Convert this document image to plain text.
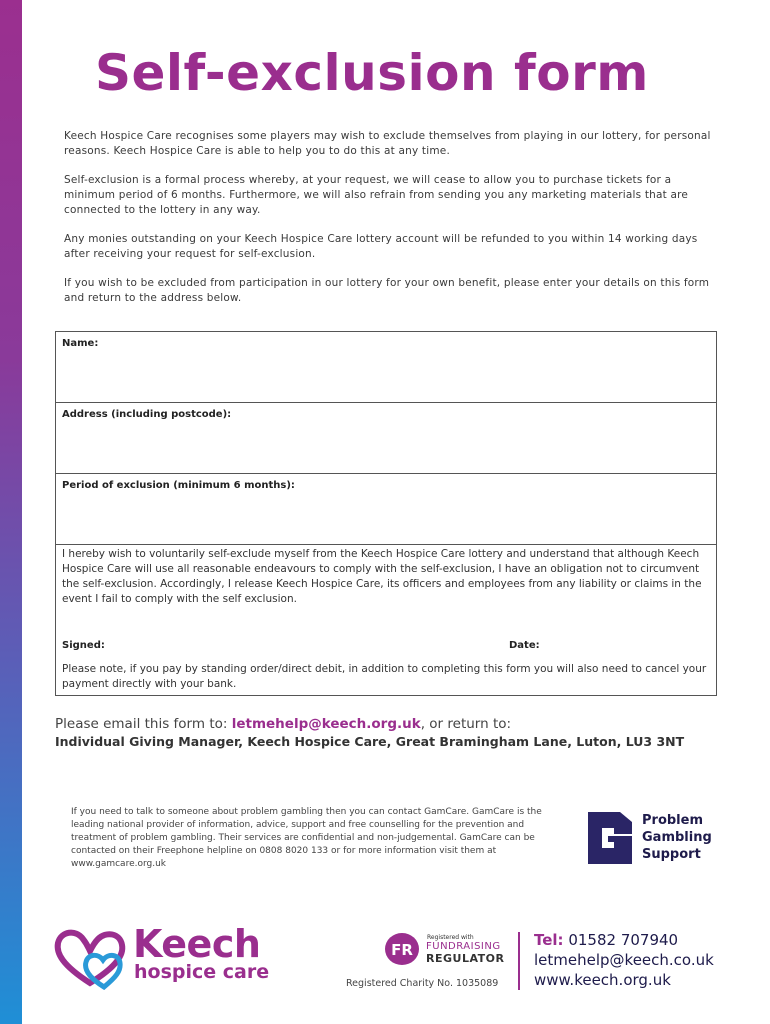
Self-exclusion form

Keech Hospice Care recognises some players may wish to exclude themselves from playing in our lottery, for personal reasons. Keech Hospice Care is able to help you to do this at any time.

Self-exclusion is a formal process whereby, at your request, we will cease to allow you to purchase tickets for a minimum period of 6 months. Furthermore, we will also refrain from sending you any marketing materials that are connected to the lottery in any way.

Any monies outstanding on your Keech Hospice Care lottery account will be refunded to you within 14 working days after receiving your request for self-exclusion.

If you wish to be excluded from participation in our lottery for your own benefit, please enter your details on this form and return to the address below.

Name:
Address (including postcode):
Period of exclusion (minimum 6 months):

I hereby wish to voluntarily self-exclude myself from the Keech Hospice Care lottery and understand that although Keech Hospice Care will use all reasonable endeavours to comply with the self-exclusion, I have an obligation not to circumvent the self-exclusion. Accordingly, I release Keech Hospice Care, its officers and employees from any liability or claims in the event I fail to comply with the self exclusion.

Signed:	Date:

Please note, if you pay by standing order/direct debit, in addition to completing this form you will also need to cancel your payment directly with your bank.

Please email this form to: letmehelp@keech.org.uk, or return to:
Individual Giving Manager, Keech Hospice Care, Great Bramingham Lane, Luton, LU3 3NT

If you need to talk to someone about problem gambling then you can contact GamCare. GamCare is the leading national provider of information, advice, support and free counselling for the prevention and treatment of problem gambling. Their services are confidential and non-judgemental. GamCare can be contacted on their Freephone helpline on 0808 8020 133 or for more information visit them at www.gamcare.org.uk

Problem
Gambling
Support
Keech
hospice care
FR
Registered with
FUNDRAISING
REGULATOR
Registered Charity No. 1035089
Tel: 01582 707940
letmehelp@keech.co.uk
www.keech.org.uk
